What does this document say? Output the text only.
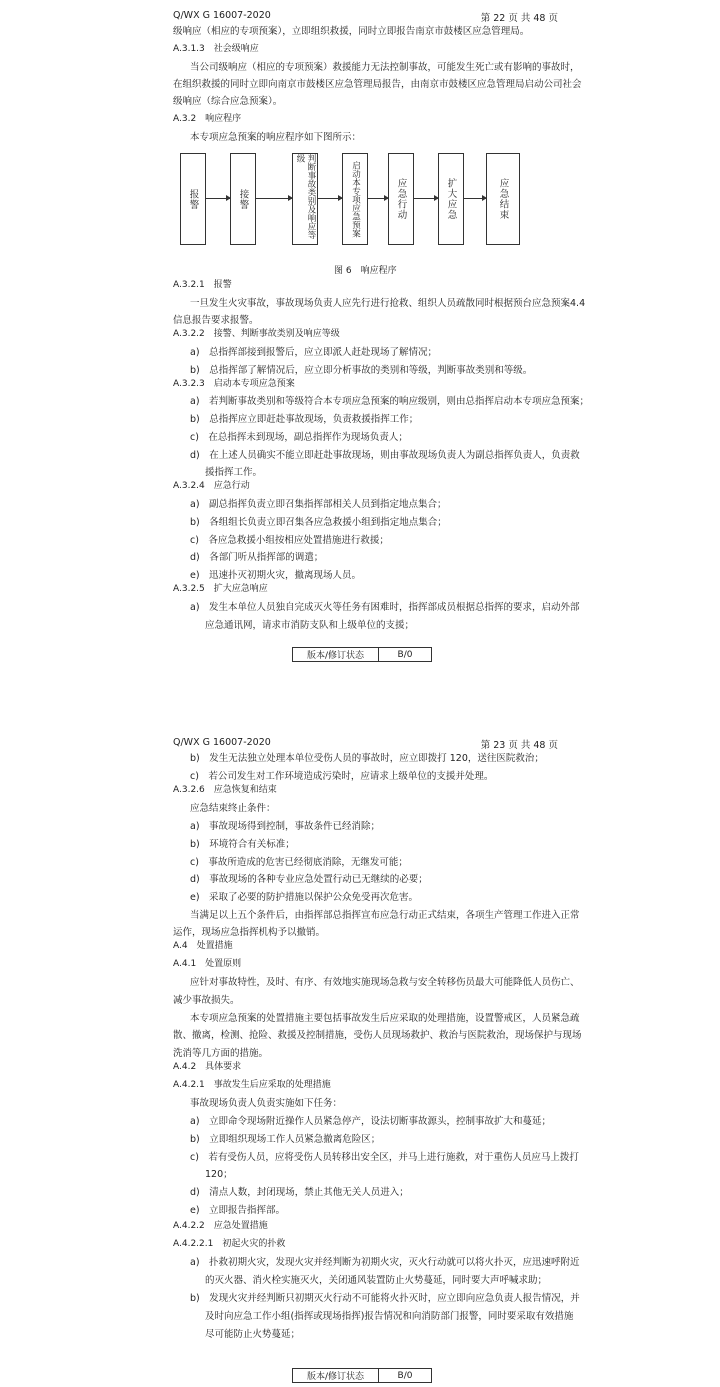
Q/WX G 16007-2020	第 22 页 共 48 页
级响应（相应的专项预案），立即组织救援，同时立即报告南京市鼓楼区应急管理局。
A.3.1.3　社会级响应
当公司级响应（相应的专项预案）救援能力无法控制事故，可能发生死亡或有影响的事故时，
在组织救援的同时立即向南京市鼓楼区应急管理局报告，由南京市鼓楼区应急管理局启动公司社会
级响应（综合应急预案）。
A.3.2　响应程序
本专项应急预案的响应程序如下图所示：
报警	接警	判断事故类别及响应等级
启动本专项应急预案	应急行动	扩大应急	应急结束
图 6　响应程序
A.3.2.1　报警
一旦发生火灾事故，事故现场负责人应先行进行抢救、组织人员疏散同时根据预台应急预案4.4
信息报告要求报警。
A.3.2.2　接警、判断事故类别及响应等级
a)　总指挥部接到报警后，应立即派人赶赴现场了解情况；
b)　总指挥部了解情况后，应立即分析事故的类别和等级，判断事故类别和等级。
A.3.2.3　启动本专项应急预案
a)　若判断事故类别和等级符合本专项应急预案的响应级别，则由总指挥启动本专项应急预案；
b)　总指挥应立即赶赴事故现场，负责救援指挥工作；
c)　在总指挥未到现场，副总指挥作为现场负责人；
d)　在上述人员确实不能立即赶赴事故现场，则由事故现场负责人为副总指挥负责人，负责救
援指挥工作。
A.3.2.4　应急行动
a)　副总指挥负责立即召集指挥部相关人员到指定地点集合；
b)　各组组长负责立即召集各应急救援小组到指定地点集合；
c)　各应急救援小组按相应处置措施进行救援；
d)　各部门听从指挥部的调遣；
e)　迅速扑灭初期火灾，撤离现场人员。
A.3.2.5　扩大应急响应
a)　发生本单位人员独自完成灭火等任务有困难时，指挥部成员根据总指挥的要求，启动外部
应急通讯网，请求市消防支队和上级单位的支援；
版本/修订状态	B/0
Q/WX G 16007-2020	第 23 页 共 48 页
b)　发生无法独立处理本单位受伤人员的事故时，应立即拨打 120，送往医院救治；
c)　若公司发生对工作环境造成污染时，应请求上级单位的支援并处理。
A.3.2.6　应急恢复和结束
应急结束终止条件：
a)　事故现场得到控制，事故条件已经消除；
b)　环境符合有关标准；
c)　事故所造成的危害已经彻底消除，无继发可能；
d)　事故现场的各种专业应急处置行动已无继续的必要；
e)　采取了必要的防护措施以保护公众免受再次危害。
当满足以上五个条件后，由指挥部总指挥宣布应急行动正式结束，各项生产管理工作进入正常
运作，现场应急指挥机构予以撤销。
A.4　处置措施
A.4.1　处置原则
应针对事故特性，及时、有序、有效地实施现场急救与安全转移伤员最大可能降低人员伤亡、
减少事故损失。
本专项应急预案的处置措施主要包括事故发生后应采取的处理措施，设置警戒区，人员紧急疏
散、撤离，检测、抢险、救援及控制措施，受伤人员现场救护、救治与医院救治，现场保护与现场
洗消等几方面的措施。
A.4.2　具体要求
A.4.2.1　事故发生后应采取的处理措施
事故现场负责人负责实施如下任务：
a)　立即命令现场附近操作人员紧急停产，设法切断事故源头，控制事故扩大和蔓延；
b)　立即组织现场工作人员紧急撤离危险区；
c)　若有受伤人员，应将受伤人员转移出安全区，并马上进行施救，对于重伤人员应马上拨打
120；
d)　清点人数，封闭现场，禁止其他无关人员进入；
e)　立即报告指挥部。
A.4.2.2　应急处置措施
A.4.2.2.1　初起火灾的扑救
a)　扑救初期火灾，发现火灾并经判断为初期火灾，灭火行动就可以将火扑灭，应迅速呼附近
的灭火器、消火栓实施灭火，关闭通风装置防止火势蔓延，同时要大声呼喊求助；
b)　发现火灾并经判断只初期灭火行动不可能将火扑灭时，应立即向应急负责人报告情况，并
及时向应急工作小组(指挥或现场指挥)报告情况和向消防部门报警，同时要采取有效措施
尽可能防止火势蔓延；
版本/修订状态	B/0
